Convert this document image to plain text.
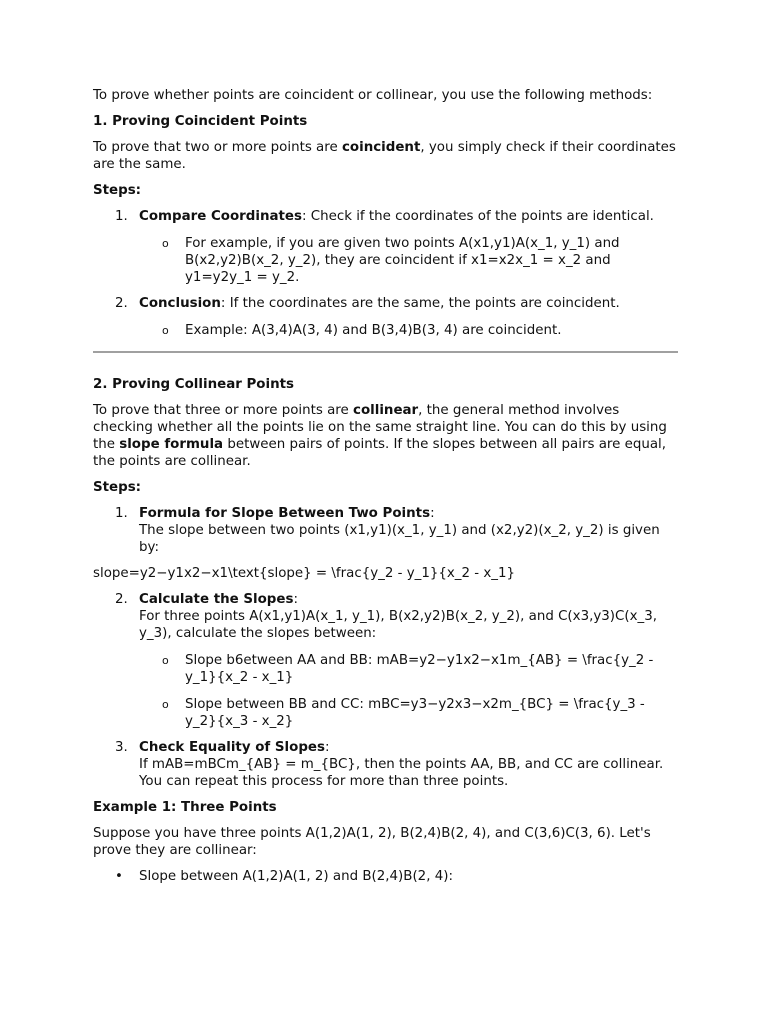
To prove whether points are coincident or collinear, you use the following methods:

1. Proving Coincident Points

To prove that two or more points are coincident, you simply check if their coordinates are the same.

Steps:

1. Compare Coordinates: Check if the coordinates of the points are identical.
o For example, if you are given two points A(x1,y1)A(x_1, y_1) and B(x2,y2)B(x_2, y_2), they are coincident if x1=x2x_1 = x_2 and y1=y2y_1 = y_2.
2. Conclusion: If the coordinates are the same, the points are coincident.
o Example: A(3,4)A(3, 4) and B(3,4)B(3, 4) are coincident.

2. Proving Collinear Points

To prove that three or more points are collinear, the general method involves checking whether all the points lie on the same straight line. You can do this by using the slope formula between pairs of points. If the slopes between all pairs are equal, the points are collinear.

Steps:

1. Formula for Slope Between Two Points:
The slope between two points (x1,y1)(x_1, y_1) and (x2,y2)(x_2, y_2) is given by:

slope=y2−y1x2−x1\text{slope} = \frac{y_2 - y_1}{x_2 - x_1}

2. Calculate the Slopes:
For three points A(x1,y1)A(x_1, y_1), B(x2,y2)B(x_2, y_2), and C(x3,y3)C(x_3, y_3), calculate the slopes between:
o Slope b6etween AA and BB: mAB=y2−y1x2−x1m_{AB} = \frac{y_2 - y_1}{x_2 - x_1}
o Slope between BB and CC: mBC=y3−y2x3−x2m_{BC} = \frac{y_3 - y_2}{x_3 - x_2}
3. Check Equality of Slopes:
If mAB=mBCm_{AB} = m_{BC}, then the points AA, BB, and CC are collinear. You can repeat this process for more than three points.

Example 1: Three Points

Suppose you have three points A(1,2)A(1, 2), B(2,4)B(2, 4), and C(3,6)C(3, 6). Let's prove they are collinear:

• Slope between A(1,2)A(1, 2) and B(2,4)B(2, 4):
